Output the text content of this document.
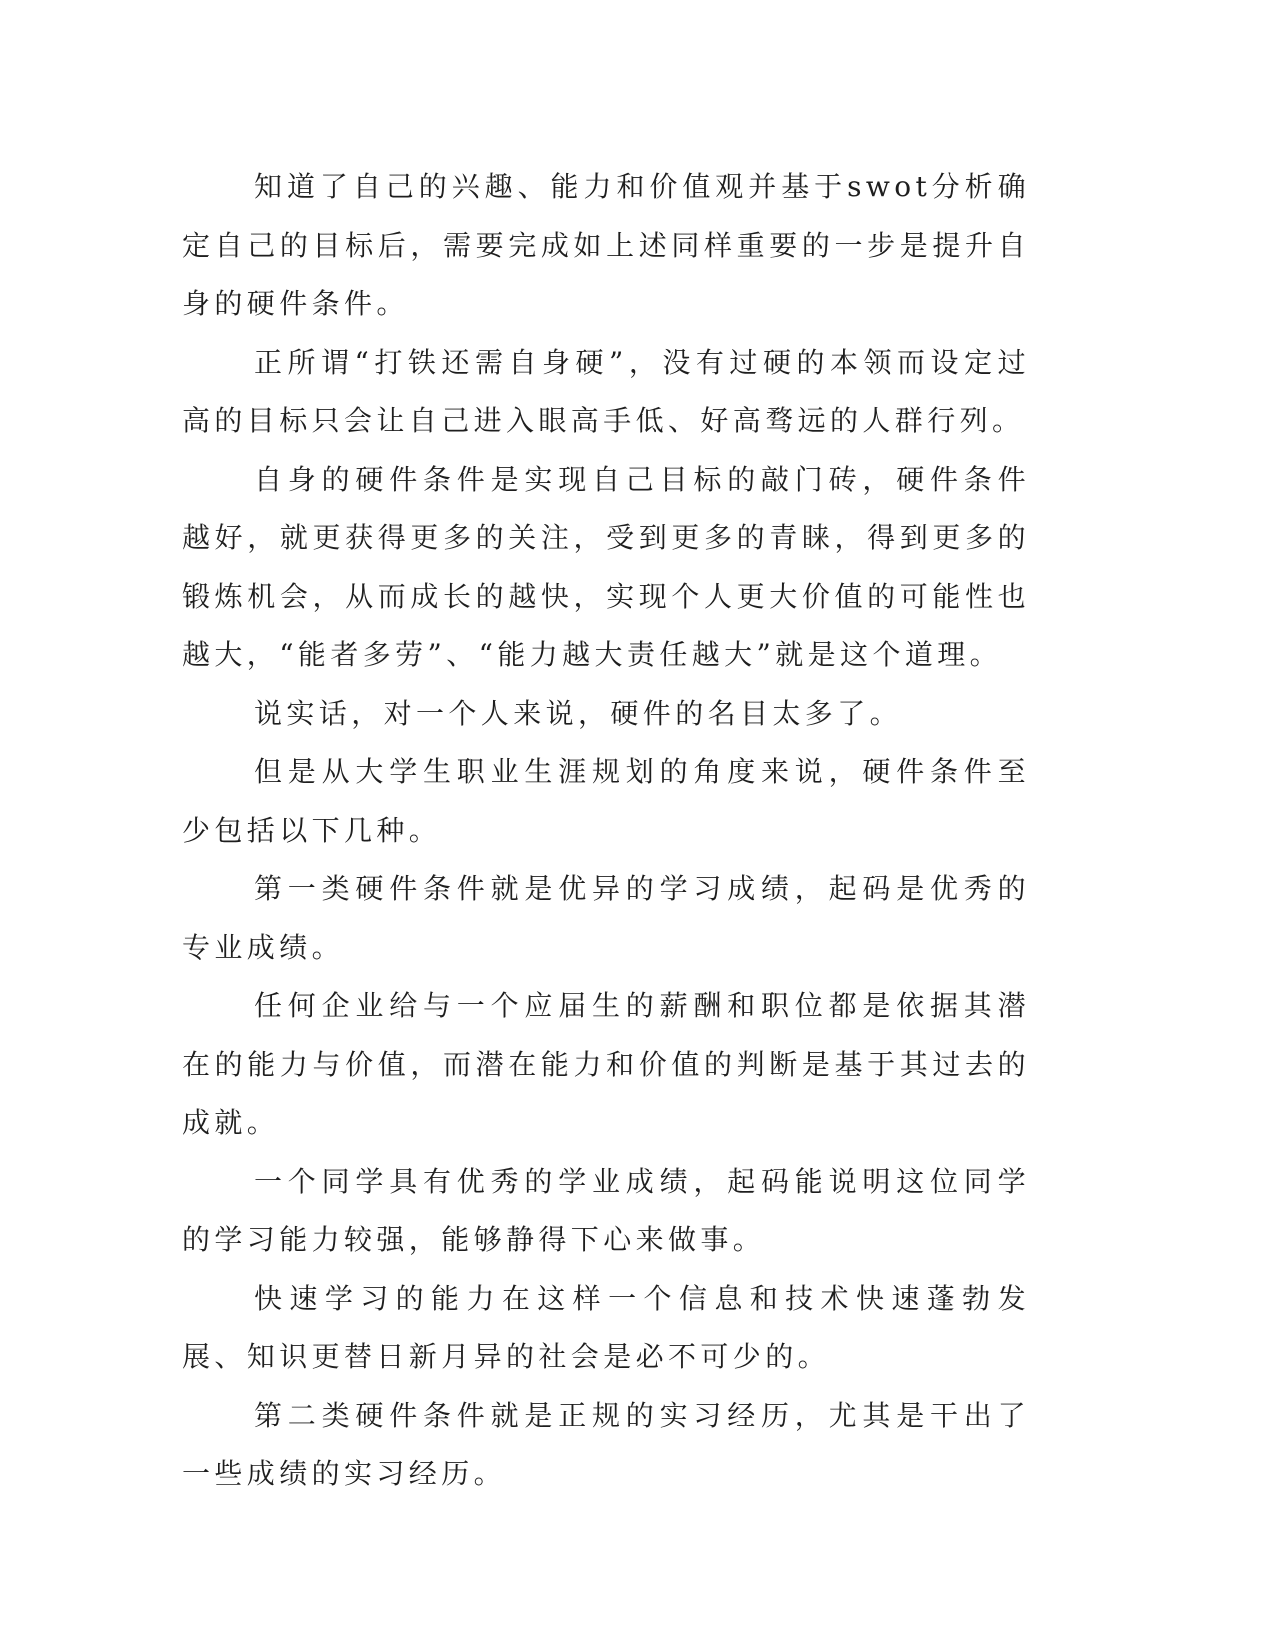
知道了自己的兴趣、能力和价值观并基于swot分析确定自己的目标后，需要完成如上述同样重要的一步是提升自身的硬件条件。

正所谓“打铁还需自身硬”，没有过硬的本领而设定过高的目标只会让自己进入眼高手低、好高骛远的人群行列。

自身的硬件条件是实现自己目标的敲门砖，硬件条件越好，就更获得更多的关注，受到更多的青睐，得到更多的锻炼机会，从而成长的越快，实现个人更大价值的可能性也越大，“能者多劳”、“能力越大责任越大”就是这个道理。

说实话，对一个人来说，硬件的名目太多了。

但是从大学生职业生涯规划的角度来说，硬件条件至少包括以下几种。

第一类硬件条件就是优异的学习成绩，起码是优秀的专业成绩。

任何企业给与一个应届生的薪酬和职位都是依据其潜在的能力与价值，而潜在能力和价值的判断是基于其过去的成就。

一个同学具有优秀的学业成绩，起码能说明这位同学的学习能力较强，能够静得下心来做事。

快速学习的能力在这样一个信息和技术快速蓬勃发展、知识更替日新月异的社会是必不可少的。

第二类硬件条件就是正规的实习经历，尤其是干出了一些成绩的实习经历。
